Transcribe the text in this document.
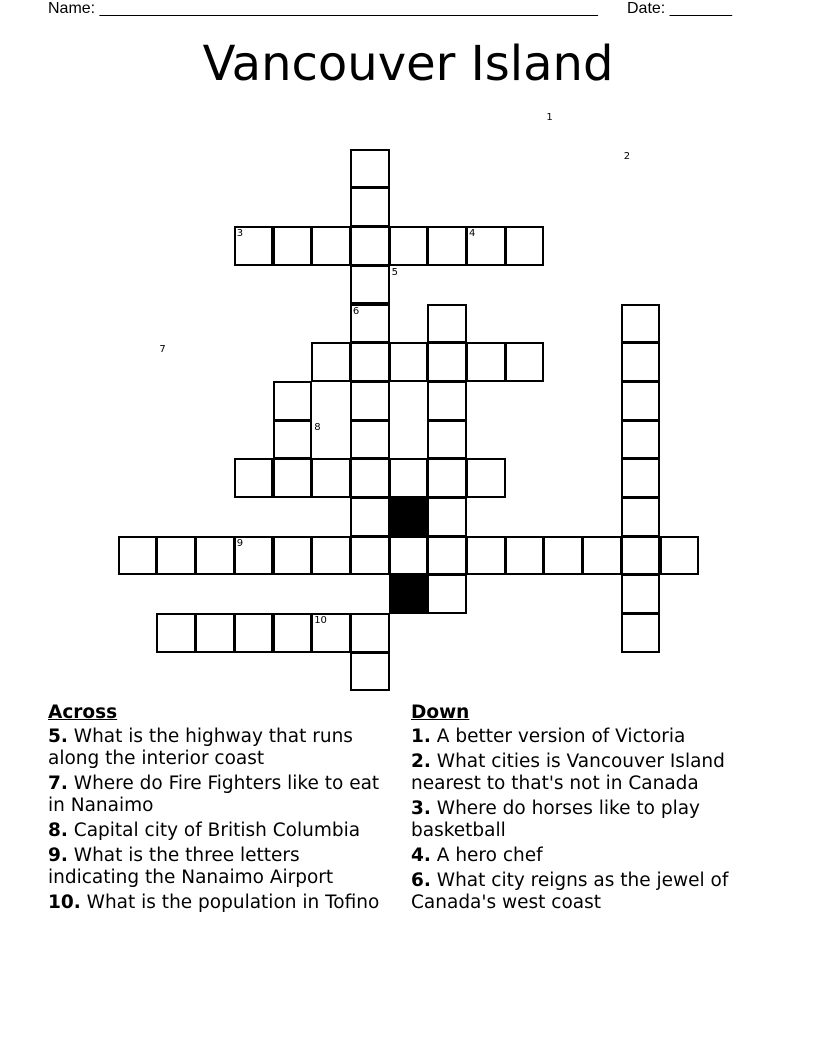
Name: ________________________________________________________ Date: _______
Vancouver Island
1
2
3	4
5
6
7
8
9
10
Across
5. What is the highway that runs along the interior coast
7. Where do Fire Fighters like to eat in Nanaimo
8. Capital city of British Columbia
9. What is the three letters indicating the Nanaimo Airport
10. What is the population in Tofino
Down
1. A better version of Victoria
2. What cities is Vancouver Island nearest to that's not in Canada
3. Where do horses like to play basketball
4. A hero chef
6. What city reigns as the jewel of Canada's west coast
